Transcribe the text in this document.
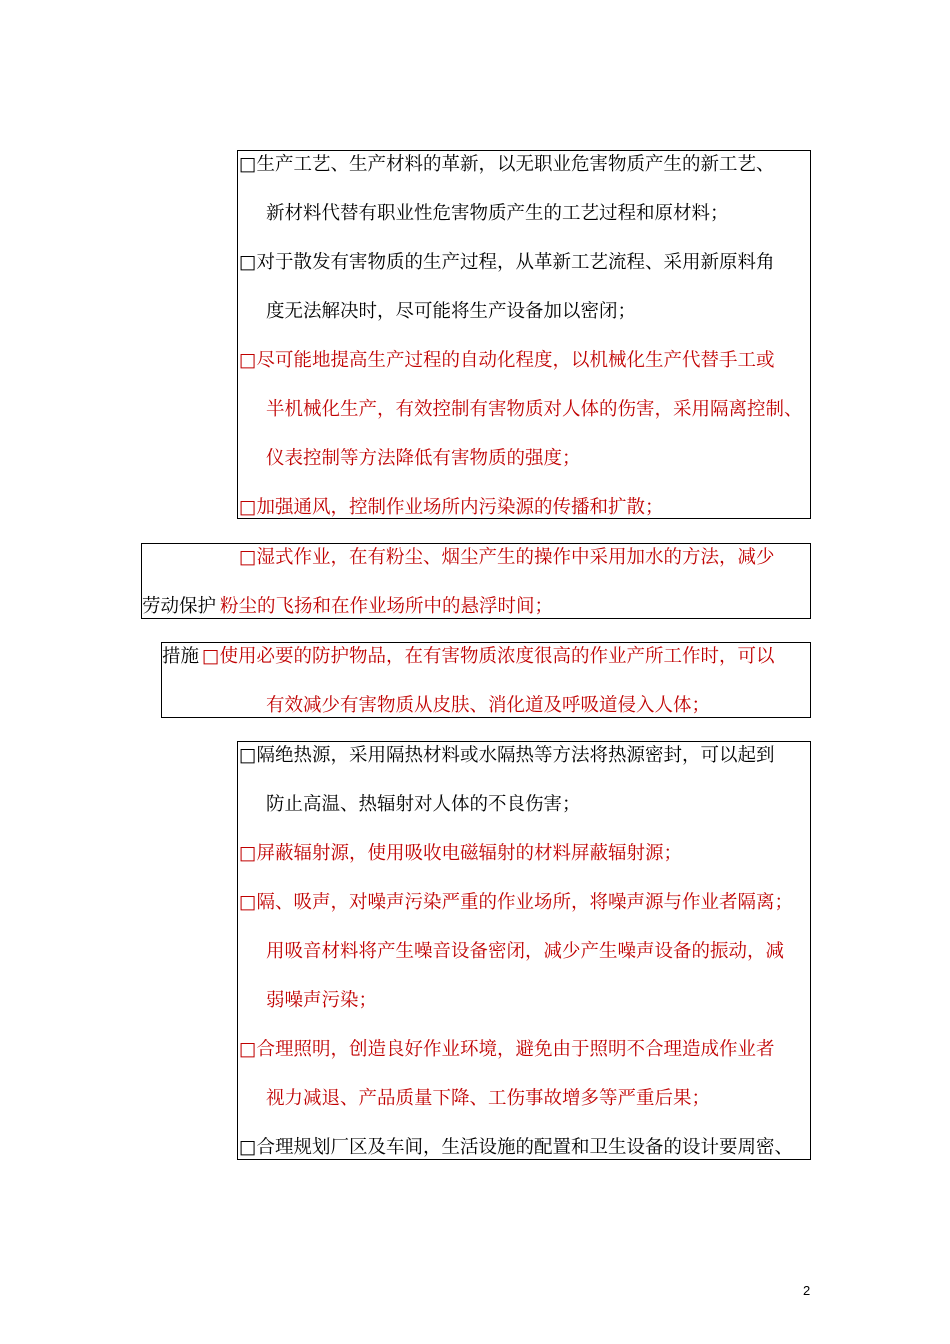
□生产工艺、生产材料的革新，以无职业危害物质产生的新工艺、
新材料代替有职业性危害物质产生的工艺过程和原材料；
□对于散发有害物质的生产过程，从革新工艺流程、采用新原料角
度无法解决时，尽可能将生产设备加以密闭；
□尽可能地提高生产过程的自动化程度，以机械化生产代替手工或
半机械化生产，有效控制有害物质对人体的伤害，采用隔离控制、
仪表控制等方法降低有害物质的强度；
□加强通风，控制作业场所内污染源的传播和扩散；
□湿式作业，在有粉尘、烟尘产生的操作中采用加水的方法，减少
劳动保护 粉尘的飞扬和在作业场所中的悬浮时间；
措施 □使用必要的防护物品，在有害物质浓度很高的作业产所工作时，可以
有效减少有害物质从皮肤、消化道及呼吸道侵入人体；
□隔绝热源，采用隔热材料或水隔热等方法将热源密封，可以起到
防止高温、热辐射对人体的不良伤害；
□屏蔽辐射源，使用吸收电磁辐射的材料屏蔽辐射源；
□隔、吸声，对噪声污染严重的作业场所，将噪声源与作业者隔离；
用吸音材料将产生噪音设备密闭，减少产生噪声设备的振动，减
弱噪声污染；
□合理照明，创造良好作业环境，避免由于照明不合理造成作业者
视力减退、产品质量下降、工伤事故增多等严重后果；
□合理规划厂区及车间，生活设施的配置和卫生设备的设计要周密、
2
